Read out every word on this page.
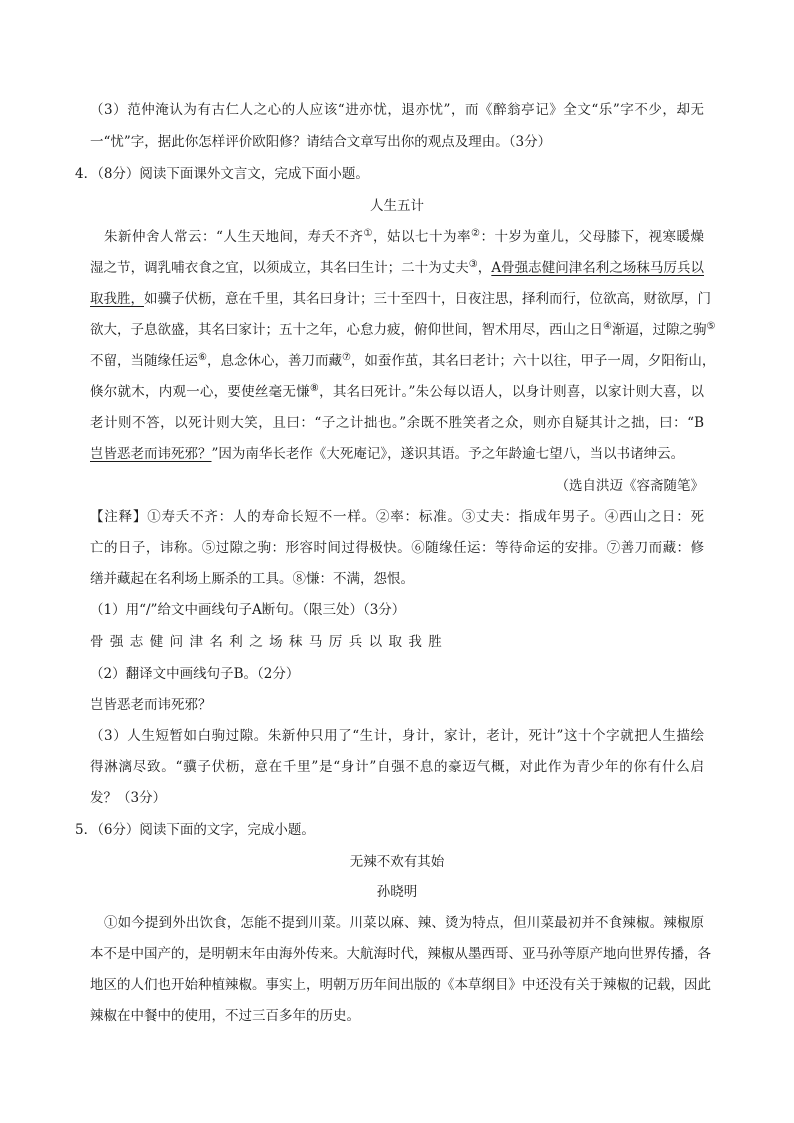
（3）范仲淹认为有古仁人之心的人应该“进亦忧，退亦忧”，而《醉翁亭记》全文“乐”字不少，却无
一“忧”字，据此你怎样评价欧阳修？请结合文章写出你的观点及理由。（3分）
4．（8分）阅读下面课外文言文，完成下面小题。
人生五计
朱新仲舍人常云：“人生天地间，寿夭不齐①，姑以七十为率②：十岁为童儿，父母膝下，视寒暖燥
湿之节，调乳哺衣食之宜，以须成立，其名曰生计；二十为丈夫③，A骨强志健问津名利之场秣马厉兵以
取我胜，如骥子伏枥，意在千里，其名曰身计；三十至四十，日夜注思，择利而行，位欲高，财欲厚，门
欲大，子息欲盛，其名曰家计；五十之年，心怠力疲，俯仰世间，智术用尽，西山之日④渐逼，过隙之驹⑤
不留，当随缘任运⑥，息念休心，善刀而藏⑦，如蚕作茧，其名曰老计；六十以往，甲子一周，夕阳衔山，
倏尔就木，内观一心，要使丝毫无慊⑧，其名曰死计。”朱公每以语人，以身计则喜，以家计则大喜，以
老计则不答，以死计则大笑，且曰：“子之计拙也。”余既不胜笑者之众，则亦自疑其计之拙，曰：“B
岂皆恶老而讳死邪？”因为南华长老作《大死庵记》，遂识其语。予之年龄逾七望八，当以书诸绅云。
（选自洪迈《容斋随笔》
【注释】①寿夭不齐：人的寿命长短不一样。②率：标准。③丈夫：指成年男子。④西山之日：死
亡的日子，讳称。⑤过隙之驹：形容时间过得极快。⑥随缘任运：等待命运的安排。⑦善刀而藏：修
缮并藏起在名利场上厮杀的工具。⑧慊：不满，怨恨。
（1）用“/”给文中画线句子A断句。（限三处）（3分）
骨强志健问津名利之场秣马厉兵以取我胜
（2）翻译文中画线句子B。（2分）
岂皆恶老而讳死邪？
（3）人生短暂如白驹过隙。朱新仲只用了“生计，身计，家计，老计，死计”这十个字就把人生描绘
得淋漓尽致。“骥子伏枥，意在千里”是“身计”自强不息的豪迈气概，对此作为青少年的你有什么启
发？（3分）
5．（6分）阅读下面的文字，完成小题。
无辣不欢有其始
孙晓明
①如今提到外出饮食，怎能不提到川菜。川菜以麻、辣、烫为特点，但川菜最初并不食辣椒。辣椒原
本不是中国产的，是明朝末年由海外传来。大航海时代，辣椒从墨西哥、亚马孙等原产地向世界传播，各
地区的人们也开始种植辣椒。事实上，明朝万历年间出版的《本草纲目》中还没有关于辣椒的记载，因此
辣椒在中餐中的使用，不过三百多年的历史。
